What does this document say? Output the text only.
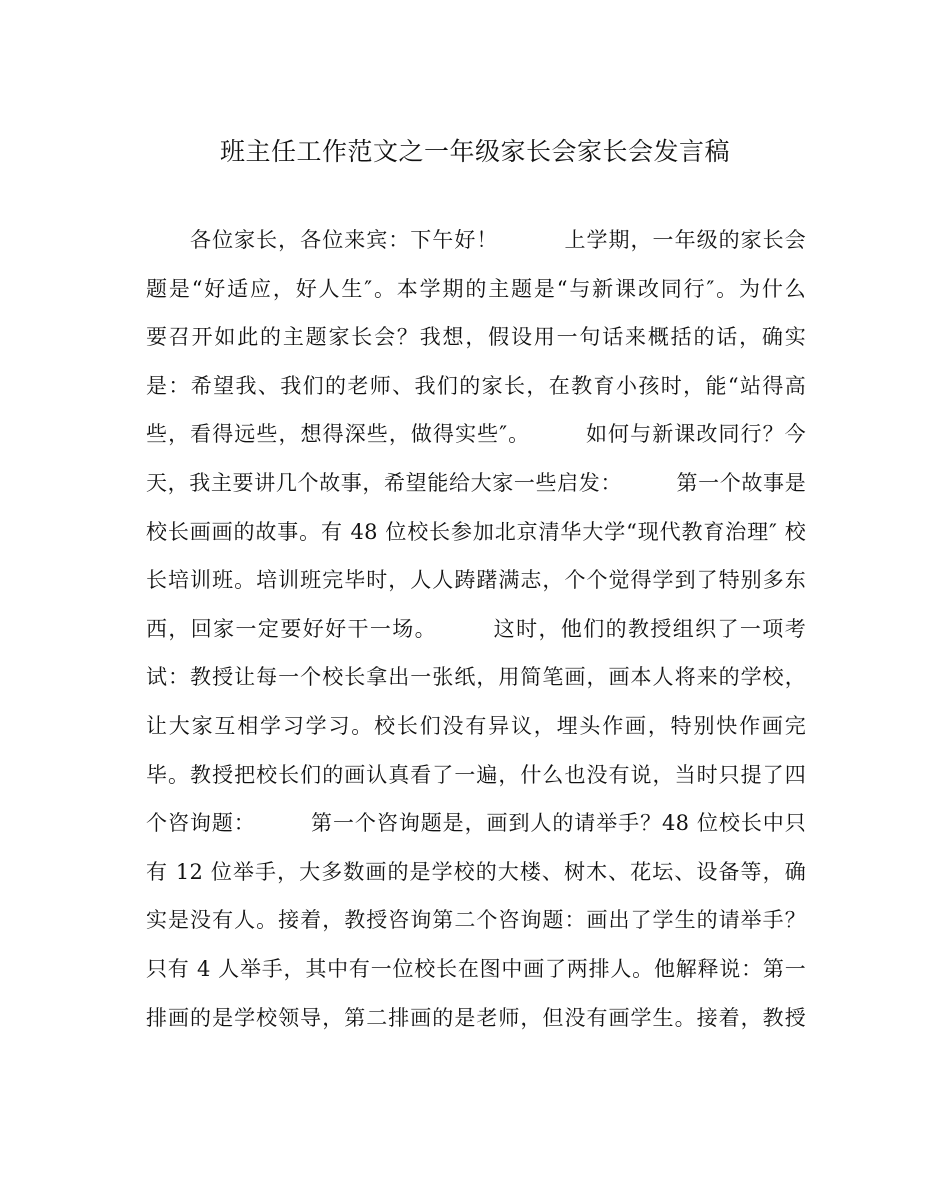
班主任工作范文之一年级家长会家长会发言稿
　　各位家长，各位来宾：下午好！　　　上学期，一年级的家长会
题是“好适应，好人生″。本学期的主题是“与新课改同行″。为什么
要召开如此的主题家长会？我想，假设用一句话来概括的话，确实
是：希望我、我们的老师、我们的家长，在教育小孩时，能“站得高
些，看得远些，想得深些，做得实些″。　　　如何与新课改同行？今
天，我主要讲几个故事，希望能给大家一些启发：　　　第一个故事是
校长画画的故事。有 48 位校长参加北京清华大学“现代教育治理″ 校
长培训班。培训班完毕时，人人踌躇满志，个个觉得学到了特别多东
西，回家一定要好好干一场。　　　这时，他们的教授组织了一项考
试：教授让每一个校长拿出一张纸，用简笔画，画本人将来的学校，
让大家互相学习学习。校长们没有异议，埋头作画，特别快作画完
毕。教授把校长们的画认真看了一遍，什么也没有说，当时只提了四
个咨询题：　　　第一个咨询题是，画到人的请举手？48 位校长中只
有 12 位举手，大多数画的是学校的大楼、树木、花坛、设备等，确
实是没有人。接着，教授咨询第二个咨询题：画出了学生的请举手？
只有 4 人举手，其中有一位校长在图中画了两排人。他解释说：第一
排画的是学校领导，第二排画的是老师，但没有画学生。接着，教授
